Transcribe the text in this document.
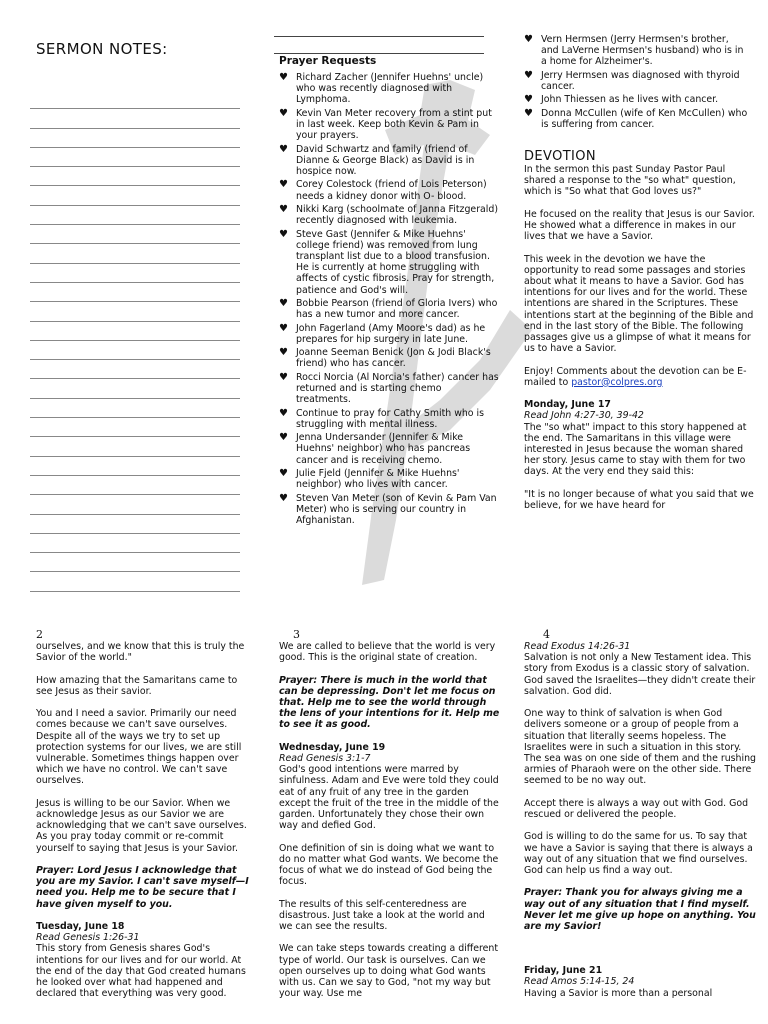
SERMON NOTES:
Prayer Requests
♥ Richard Zacher (Jennifer Huehns' uncle) who was recently diagnosed with Lymphoma.
♥ Kevin Van Meter recovery from a stint put in last week. Keep both Kevin & Pam in your prayers.
♥ David Schwartz and family (friend of Dianne & George Black) as David is in hospice now.
♥ Corey Colestock (friend of Lois Peterson) needs a kidney donor with O- blood.
♥ Nikki Karg (schoolmate of Janna Fitzgerald) recently diagnosed with leukemia.
♥ Steve Gast (Jennifer & Mike Huehns' college friend) was removed from lung transplant list due to a blood transfusion. He is currently at home struggling with affects of cystic fibrosis. Pray for strength, patience and God's will.
♥ Bobbie Pearson (friend of Gloria Ivers) who has a new tumor and more cancer.
♥ John Fagerland (Amy Moore's dad) as he prepares for hip surgery in late June.
♥ Joanne Seeman Benick (Jon & Jodi Black's friend) who has cancer.
♥ Rocci Norcia (Al Norcia's father) cancer has returned and is starting chemo treatments.
♥ Continue to pray for Cathy Smith who is struggling with mental illness.
♥ Jenna Undersander (Jennifer & Mike Huehns' neighbor) who has pancreas cancer and is receiving chemo.
♥ Julie Fjeld (Jennifer & Mike Huehns' neighbor) who lives with cancer.
♥ Steven Van Meter (son of Kevin & Pam Van Meter) who is serving our country in Afghanistan.
♥ Vern Hermsen (Jerry Hermsen's brother, and LaVerne Hermsen's husband) who is in a home for Alzheimer's.
♥ Jerry Hermsen was diagnosed with thyroid cancer.
♥ John Thiessen as he lives with cancer.
♥ Donna McCullen (wife of Ken McCullen) who is suffering from cancer.
DEVOTION

In the sermon this past Sunday Pastor Paul shared a response to the "so what" question, which is "So what that God loves us?"

He focused on the reality that Jesus is our Savior. He showed what a difference in makes in our lives that we have a Savior.

This week in the devotion we have the opportunity to read some passages and stories about what it means to have a Savior. God has intentions for our lives and for the world. These intentions are shared in the Scriptures. These intentions start at the beginning of the Bible and end in the last story of the Bible. The following passages give us a glimpse of what it means for us to have a Savior.

Enjoy! Comments about the devotion can be E-mailed to pastor@colpres.org

Monday, June 17

Read John 4:27-30, 39-42

The "so what" impact to this story happened at the end. The Samaritans in this village were interested in Jesus because the woman shared her story. Jesus came to stay with them for two days. At the very end they said this:

"It is no longer because of what you said that we believe, for we have heard for

2	3	4

ourselves, and we know that this is truly the Savior of the world."

How amazing that the Samaritans came to see Jesus as their savior.

You and I need a savior. Primarily our need comes because we can't save ourselves. Despite all of the ways we try to set up protection systems for our lives, we are still vulnerable. Sometimes things happen over which we have no control. We can't save ourselves.

Jesus is willing to be our Savior. When we acknowledge Jesus as our Savior we are acknowledging that we can't save ourselves. As you pray today commit or re-commit yourself to saying that Jesus is your Savior.

Prayer: Lord Jesus I acknowledge that you are my Savior. I can't save myself—I need you. Help me to be secure that I have given myself to you.

Tuesday, June 18

Read Genesis 1:26-31

This story from Genesis shares God's intentions for our lives and for our world. At the end of the day that God created humans he looked over what had happened and declared that everything was very good.

We are called to believe that the world is very good. This is the original state of creation.

Prayer: There is much in the world that can be depressing. Don't let me focus on that. Help me to see the world through the lens of your intentions for it. Help me to see it as good.

Wednesday, June 19

Read Genesis 3:1-7

God's good intentions were marred by sinfulness. Adam and Eve were told they could eat of any fruit of any tree in the garden except the fruit of the tree in the middle of the garden. Unfortunately they chose their own way and defied God.

One definition of sin is doing what we want to do no matter what God wants. We become the focus of what we do instead of God being the focus.

The results of this self-centeredness are disastrous. Just take a look at the world and we can see the results.

We can take steps towards creating a different type of world. Our task is ourselves. Can we open ourselves up to doing what God wants with us. Can we say to God, "not my way but your way. Use me

Read Exodus 14:26-31

Salvation is not only a New Testament idea. This story from Exodus is a classic story of salvation. God saved the Israelites—they didn't create their salvation. God did.

One way to think of salvation is when God delivers someone or a group of people from a situation that literally seems hopeless. The Israelites were in such a situation in this story. The sea was on one side of them and the rushing armies of Pharaoh were on the other side. There seemed to be no way out.

Accept there is always a way out with God. God rescued or delivered the people.

God is willing to do the same for us. To say that we have a Savior is saying that there is always a way out of any situation that we find ourselves. God can help us find a way out.

Prayer: Thank you for always giving me a way out of any situation that I find myself. Never let me give up hope on anything. You are my Savior!

Friday, June 21

Read Amos 5:14-15, 24

Having a Savior is more than a personal
